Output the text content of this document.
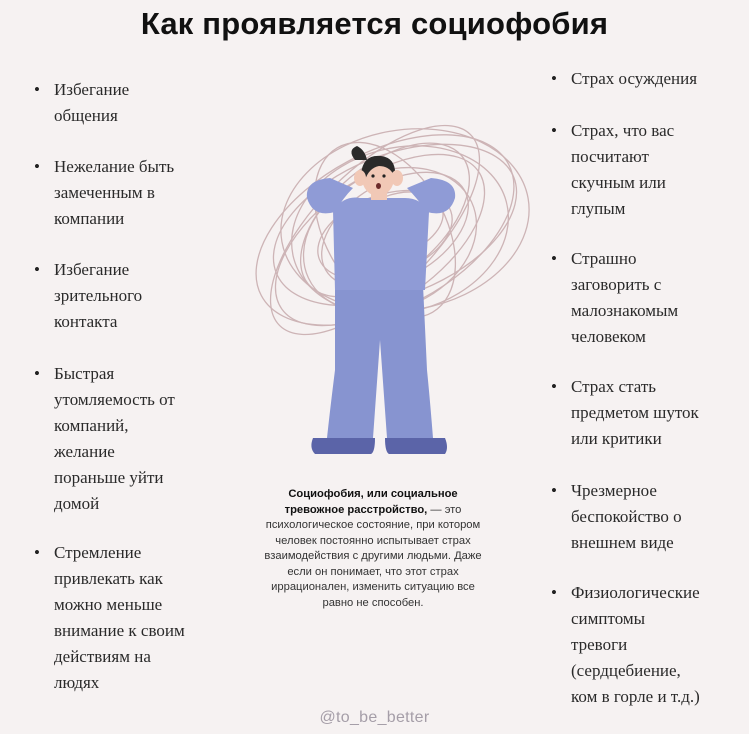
Как проявляется социофобия
• Избегание
общения
• Нежелание быть
замеченным в
компании
• Избегание
зрительного
контакта
• Быстрая
утомляемость от
компаний,
желание
пораньше уйти
домой
• Стремление
привлекать как
можно меньше
внимание к своим
действиям на
людях
• Страх осуждения
• Страх, что вас
посчитают
скучным или
глупым
• Страшно
заговорить с
малознакомым
человеком
• Страх стать
предметом шуток
или критики
• Чрезмерное
беспокойство о
внешнем виде
• Физиологические
симптомы
тревоги
(сердцебиение,
ком в горле и т.д.)
Социофобия, или социальное тревожное расстройство, — это психологическое состояние, при котором человек постоянно испытывает страх взаимодействия с другими людьми. Даже если он понимает, что этот страх иррационален, изменить ситуацию все равно не способен.
@to_be_better
